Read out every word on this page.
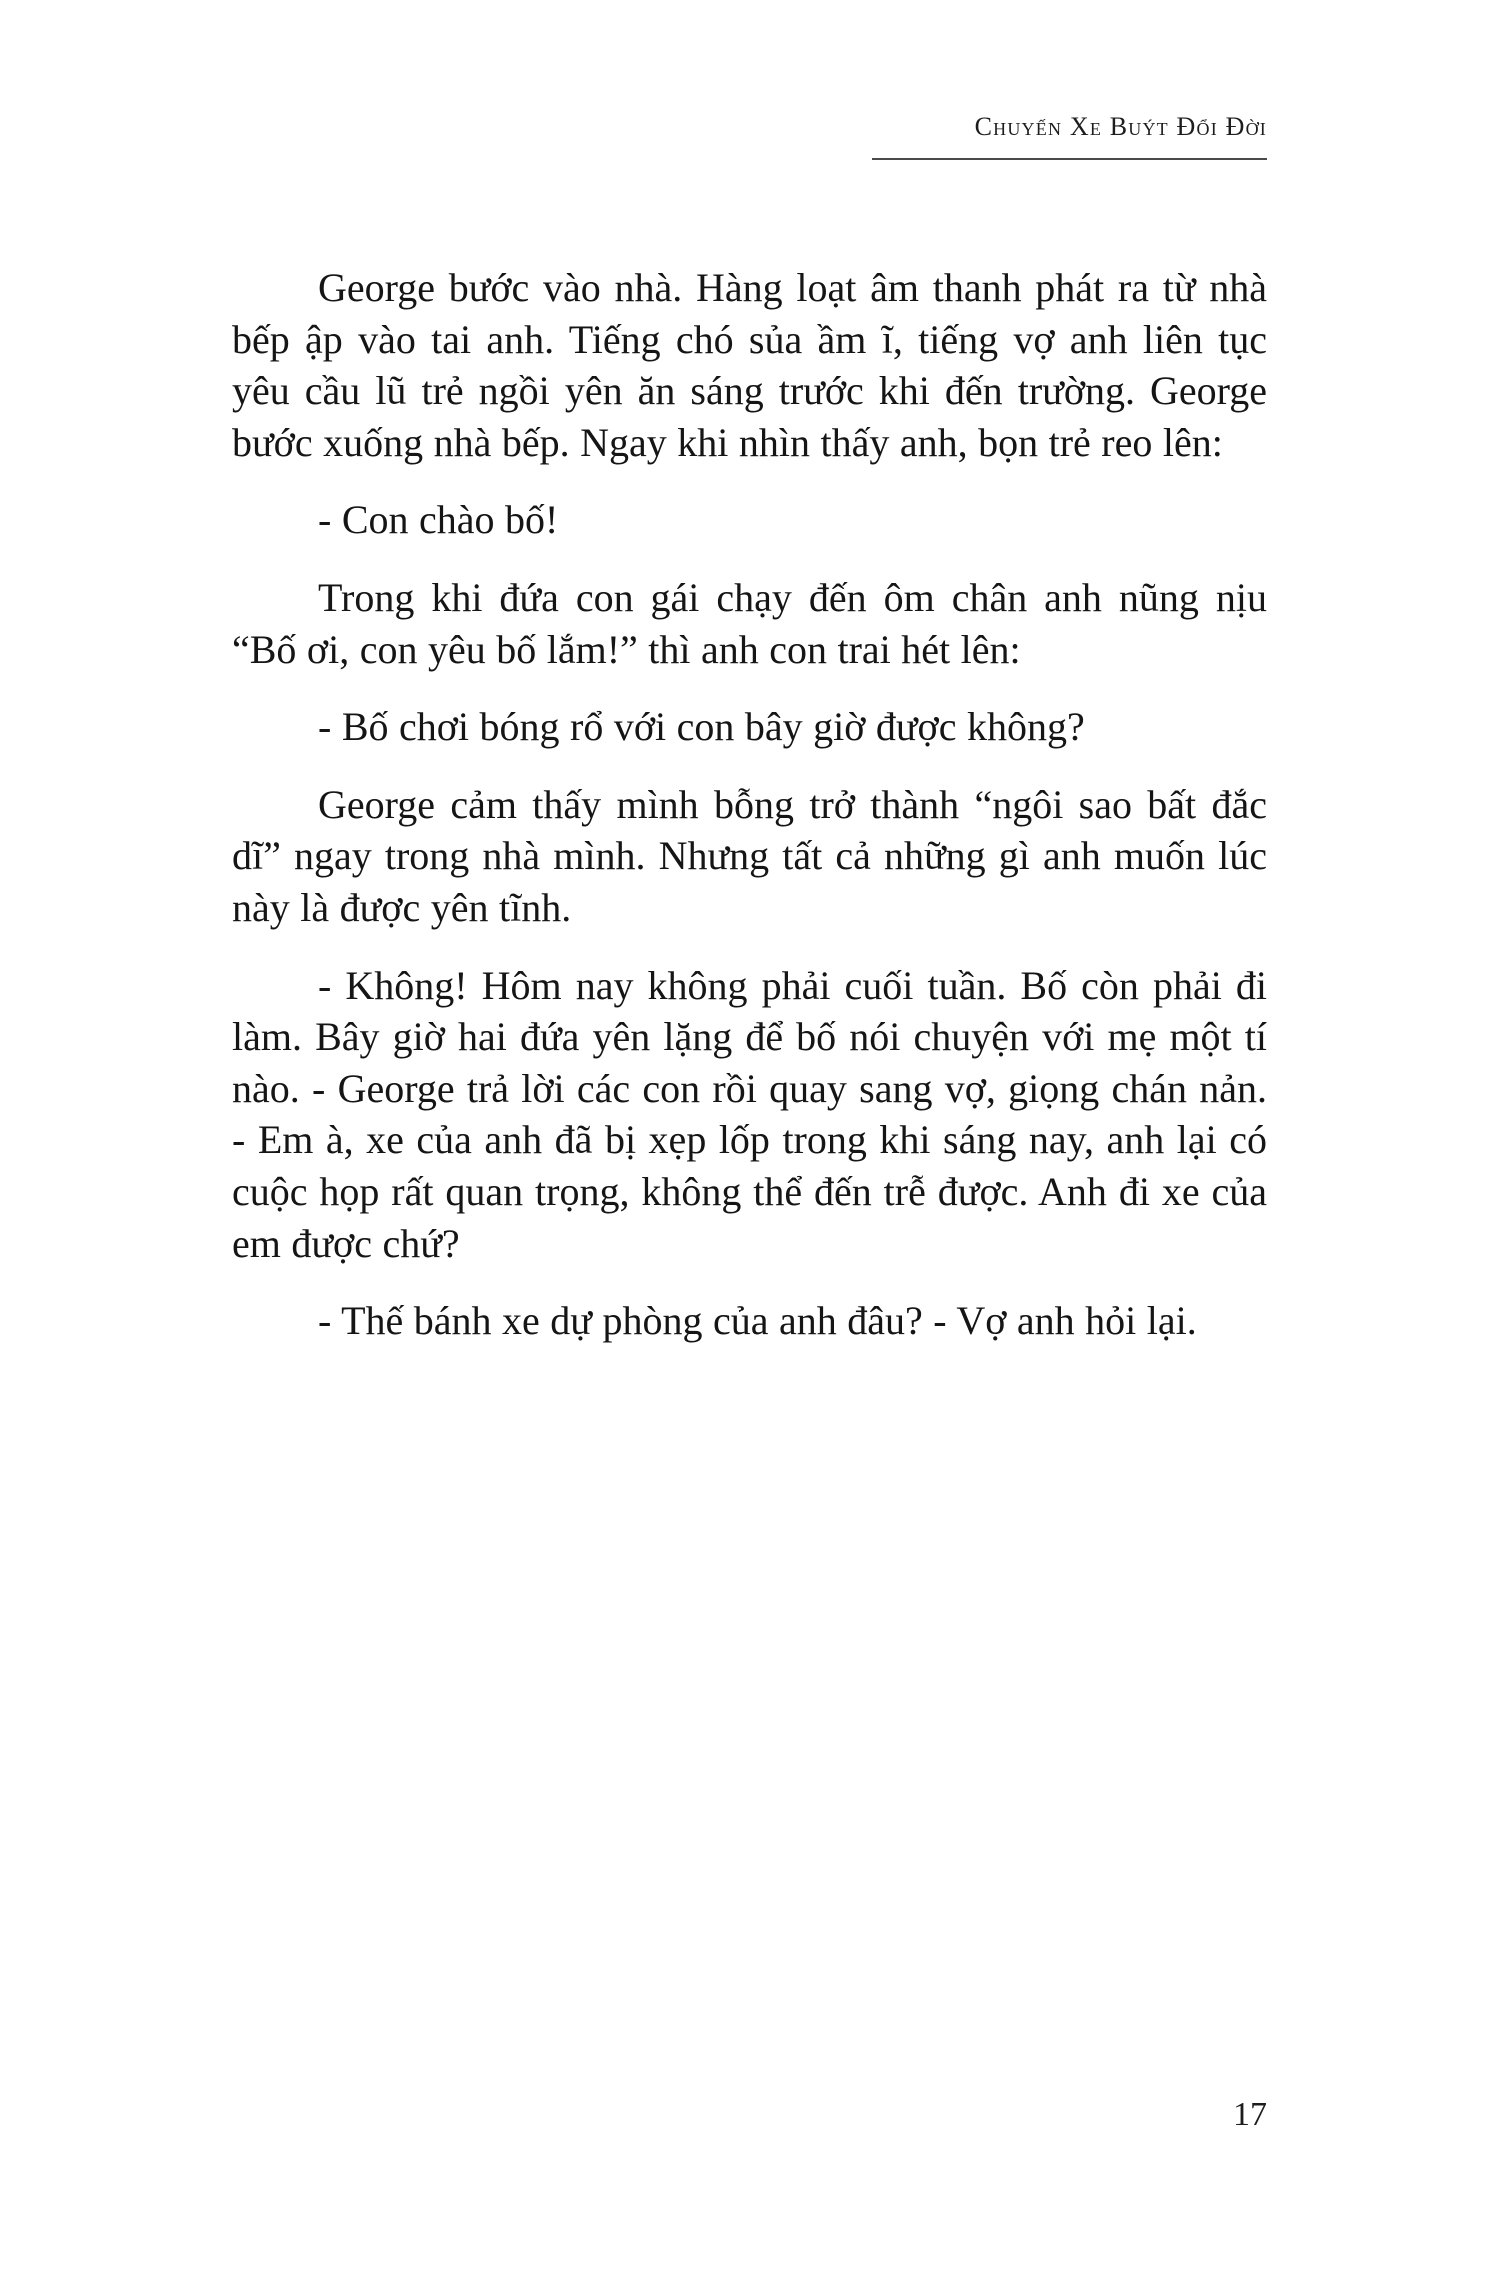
Chuyến Xe Buýt Đổi Đời

George bước vào nhà. Hàng loạt âm thanh phát ra từ nhà bếp ập vào tai anh. Tiếng chó sủa ầm ĩ, tiếng vợ anh liên tục yêu cầu lũ trẻ ngồi yên ăn sáng trước khi đến trường. George bước xuống nhà bếp. Ngay khi nhìn thấy anh, bọn trẻ reo lên:

- Con chào bố!

Trong khi đứa con gái chạy đến ôm chân anh nũng nịu “Bố ơi, con yêu bố lắm!” thì anh con trai hét lên:

- Bố chơi bóng rổ với con bây giờ được không?

George cảm thấy mình bỗng trở thành “ngôi sao bất đắc dĩ” ngay trong nhà mình. Nhưng tất cả những gì anh muốn lúc này là được yên tĩnh.

- Không! Hôm nay không phải cuối tuần. Bố còn phải đi làm. Bây giờ hai đứa yên lặng để bố nói chuyện với mẹ một tí nào. - George trả lời các con rồi quay sang vợ, giọng chán nản. - Em à, xe của anh đã bị xẹp lốp trong khi sáng nay, anh lại có cuộc họp rất quan trọng, không thể đến trễ được. Anh đi xe của em được chứ?

- Thế bánh xe dự phòng của anh đâu? - Vợ anh hỏi lại.

17
